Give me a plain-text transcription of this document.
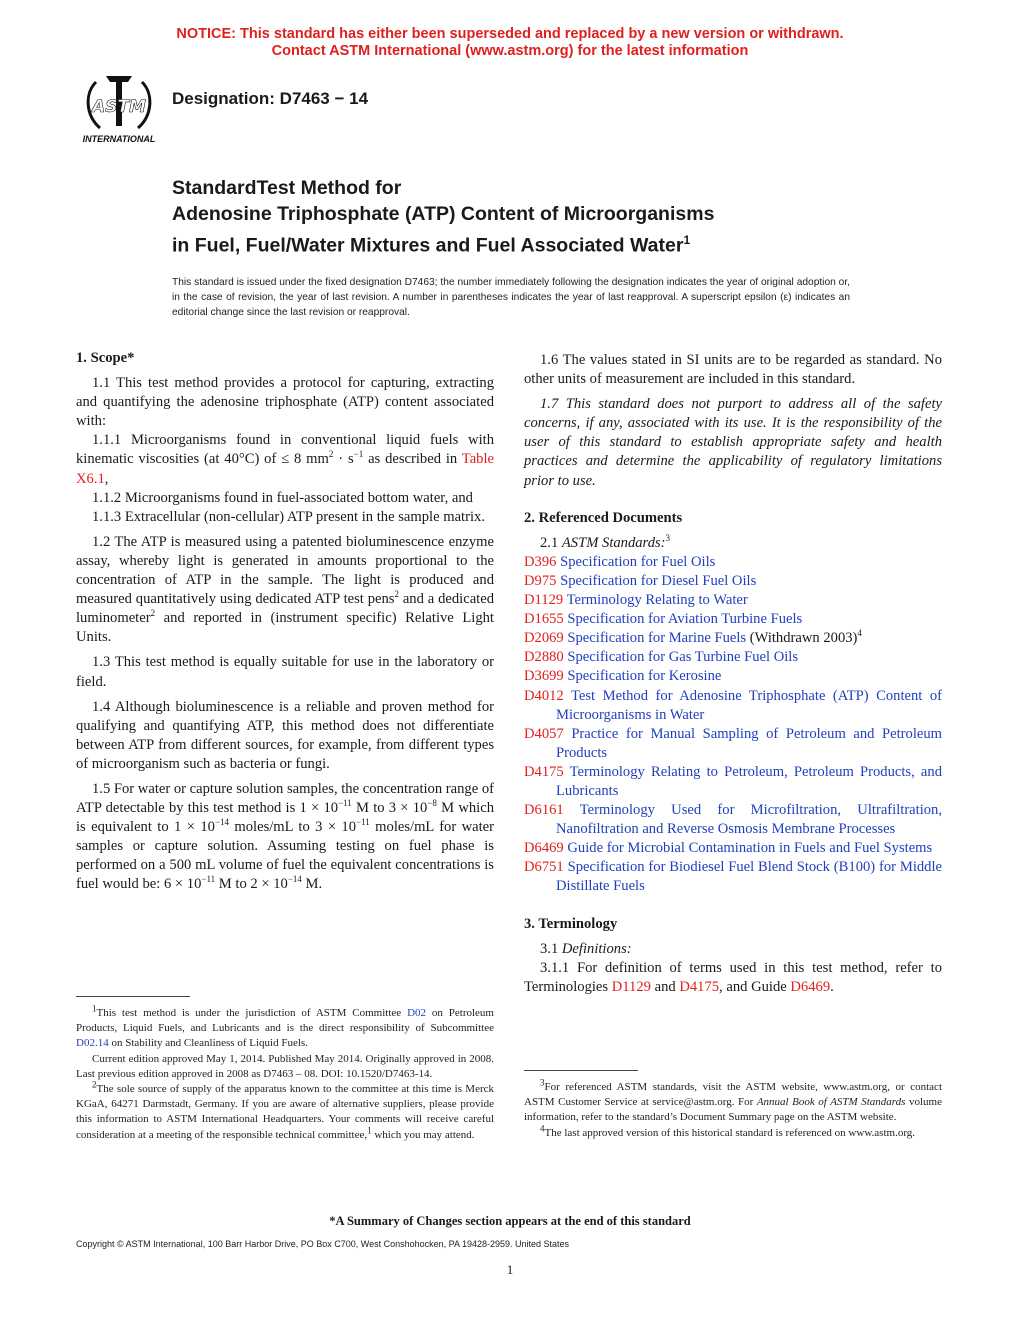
NOTICE: This standard has either been superseded and replaced by a new version or withdrawn.
Contact ASTM International (www.astm.org) for the latest information
ASTM
INTERNATIONAL
Designation: D7463 − 14
StandardTest Method for
Adenosine Triphosphate (ATP) Content of Microorganisms
in Fuel, Fuel/Water Mixtures and Fuel Associated Water$^1$
This standard is issued under the fixed designation D7463; the number immediately following the designation indicates the year of original adoption or, in the case of revision, the year of last revision. A number in parentheses indicates the year of last reapproval. A superscript epsilon (ε) indicates an editorial change since the last revision or reapproval.

1. Scope*

1.1 This test method provides a protocol for capturing, extracting and quantifying the adenosine triphosphate (ATP) content associated with:

1.1.1 Microorganisms found in conventional liquid fuels with kinematic viscosities (at 40°C) of ≤ 8 $mm^2 \cdot s^{-1}$ as described in Table X6.1,

1.1.2 Microorganisms found in fuel-associated bottom water, and

1.1.3 Extracellular (non-cellular) ATP present in the sample matrix.

1.2 The ATP is measured using a patented bioluminescence enzyme assay, whereby light is generated in amounts proportional to the concentration of ATP in the sample. The light is produced and measured quantitatively using dedicated ATP test pens$^2$ and a dedicated luminometer$^2$ and reported in (instrument specific) Relative Light Units.

1.3 This test method is equally suitable for use in the laboratory or field.

1.4 Although bioluminescence is a reliable and proven method for qualifying and quantifying ATP, this method does not differentiate between ATP from different sources, for example, from different types of microorganism such as bacteria or fungi.

1.5 For water or capture solution samples, the concentration range of ATP detectable by this test method is $1 \times 10^{-11}$ M to $3 \times 10^{-8}$ M which is equivalent to $1 \times 10^{-14}$ moles/mL to $3 \times 10^{-11}$ moles/mL for water samples or capture solution. Assuming testing on fuel phase is performed on a 500 mL volume of fuel the equivalent concentrations is fuel would be: $6 \times 10^{-11}$ M to $2 \times 10^{-14}$ M.

$^1$This test method is under the jurisdiction of ASTM Committee D02 on Petroleum Products, Liquid Fuels, and Lubricants and is the direct responsibility of Subcommittee D02.14 on Stability and Cleanliness of Liquid Fuels.

Current edition approved May 1, 2014. Published May 2014. Originally approved in 2008. Last previous edition approved in 2008 as D7463 – 08. DOI: 10.1520/D7463-14.

$^2$The sole source of supply of the apparatus known to the committee at this time is Merck KGaA, 64271 Darmstadt, Germany. If you are aware of alternative suppliers, please provide this information to ASTM International Headquarters. Your comments will receive careful consideration at a meeting of the responsible technical committee,$^1$ which you may attend.

1.6 The values stated in SI units are to be regarded as standard. No other units of measurement are included in this standard.

1.7 This standard does not purport to address all of the safety concerns, if any, associated with its use. It is the responsibility of the user of this standard to establish appropriate safety and health practices and determine the applicability of regulatory limitations prior to use.

2. Referenced Documents

2.1 ASTM Standards:$^3$

D396 Specification for Fuel Oils

D975 Specification for Diesel Fuel Oils

D1129 Terminology Relating to Water

D1655 Specification for Aviation Turbine Fuels

D2069 Specification for Marine Fuels (Withdrawn 2003)$^4$

D2880 Specification for Gas Turbine Fuel Oils

D3699 Specification for Kerosine

D4012 Test Method for Adenosine Triphosphate (ATP) Content of Microorganisms in Water

D4057 Practice for Manual Sampling of Petroleum and Petroleum Products

D4175 Terminology Relating to Petroleum, Petroleum Products, and Lubricants

D6161 Terminology Used for Microfiltration, Ultrafiltration, Nanofiltration and Reverse Osmosis Membrane Processes

D6469 Guide for Microbial Contamination in Fuels and Fuel Systems

D6751 Specification for Biodiesel Fuel Blend Stock (B100) for Middle Distillate Fuels

3. Terminology

3.1 Definitions:

3.1.1 For definition of terms used in this test method, refer to Terminologies D1129 and D4175, and Guide D6469.

$^3$For referenced ASTM standards, visit the ASTM website, www.astm.org, or contact ASTM Customer Service at service@astm.org. For Annual Book of ASTM Standards volume information, refer to the standard’s Document Summary page on the ASTM website.

$^4$The last approved version of this historical standard is referenced on www.astm.org.

*A Summary of Changes section appears at the end of this standard
Copyright © ASTM International, 100 Barr Harbor Drive, PO Box C700, West Conshohocken, PA 19428-2959. United States
1
